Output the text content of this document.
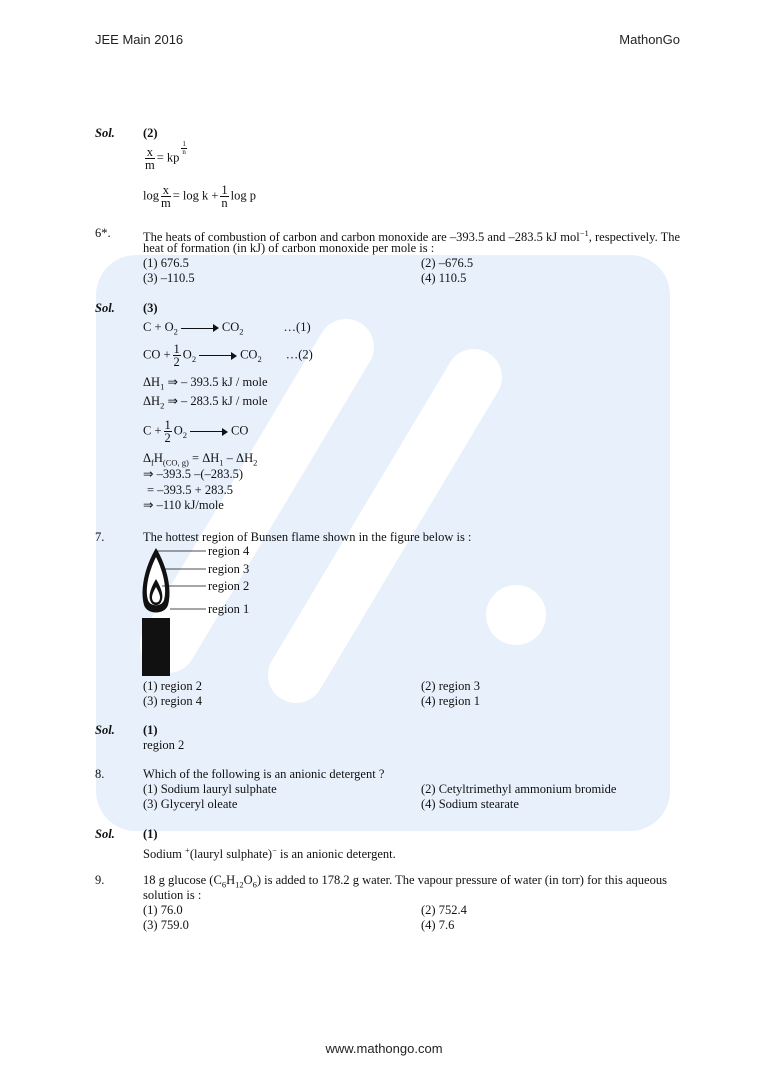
JEE Main 2016	MathonGo
Sol. (2)
$\frac{x}{m}$ = kp
$^{\frac{1}{n}}$
$\log \frac{x}{m} = \log k + \frac{1}{n}$ log p
6*.	The heats of combustion of carbon and carbon monoxide are –393.5 and –283.5 kJ mol$^{-1}$, respectively. The
heat of formation (in kJ) of carbon monoxide per mole is :
(1) 676.5	(2) –676.5
(3) –110.5	(4) 110.5
Sol. (3)
$C + O_2$	$CO_2$	…(1)
CO + $\frac{1}{2} O_2$	$CO_2$ …(2)
$\Delta H_1$ ⇒ – 393.5 kJ / mole
$\Delta H_2$ ⇒ – 283.5 kJ / mole
$C + \frac{1}{2} O_2$	CO
$\Delta_fH_{(CO, g)} = \Delta H_1 - \Delta H_2$
⇒ –393.5 –(–283.5)
= –393.5 + 283.5
⇒ –110 kJ/mole
7.	The hottest region of Bunsen flame shown in the figure below is :
region 4
region 3
region 2
region 1
(1) region 2	(2) region 3
(3) region 4	(4) region 1
Sol. (1)
region 2
8.	Which of the following is an anionic detergent ?
(1) Sodium lauryl sulphate	(2) Cetyltrimethyl ammonium bromide
(3) Glyceryl oleate	(4) Sodium stearate
Sol. (1)
Sodium +(lauryl sulphate)− is an anionic detergent.
9.	18 g glucose $(C_6H_{12}O_6)$ is added to 178.2 g water. The vapour pressure of water (in torr) for this aqueous
solution is :
(1) 76.0	(2) 752.4
(3) 759.0	(4) 7.6
www.mathongo.com
